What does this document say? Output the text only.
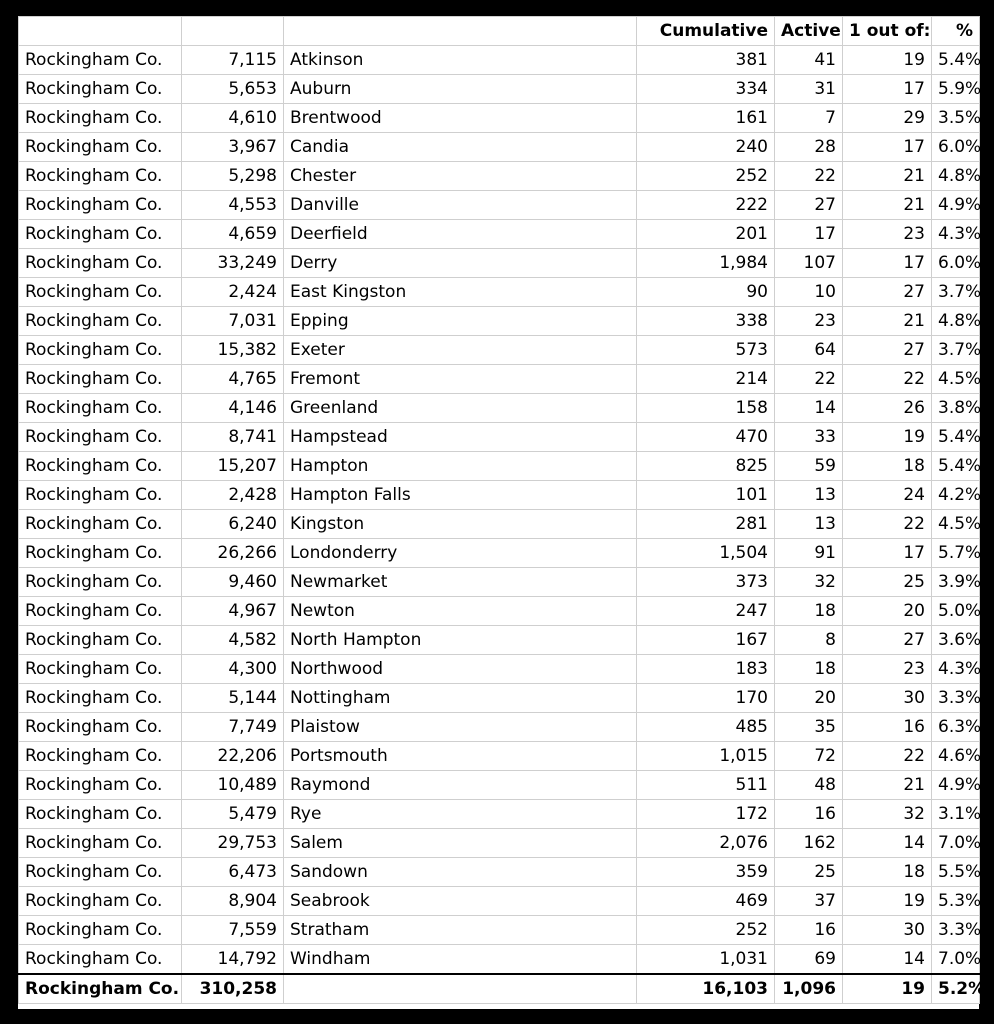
			Cumulative	Active	1 out of:	%
Rockingham Co.	7,115	Atkinson	381	41	19	5.4%
Rockingham Co.	5,653	Auburn	334	31	17	5.9%
Rockingham Co.	4,610	Brentwood	161	7	29	3.5%
Rockingham Co.	3,967	Candia	240	28	17	6.0%
Rockingham Co.	5,298	Chester	252	22	21	4.8%
Rockingham Co.	4,553	Danville	222	27	21	4.9%
Rockingham Co.	4,659	Deerfield	201	17	23	4.3%
Rockingham Co.	33,249	Derry	1,984	107	17	6.0%
Rockingham Co.	2,424	East Kingston	90	10	27	3.7%
Rockingham Co.	7,031	Epping	338	23	21	4.8%
Rockingham Co.	15,382	Exeter	573	64	27	3.7%
Rockingham Co.	4,765	Fremont	214	22	22	4.5%
Rockingham Co.	4,146	Greenland	158	14	26	3.8%
Rockingham Co.	8,741	Hampstead	470	33	19	5.4%
Rockingham Co.	15,207	Hampton	825	59	18	5.4%
Rockingham Co.	2,428	Hampton Falls	101	13	24	4.2%
Rockingham Co.	6,240	Kingston	281	13	22	4.5%
Rockingham Co.	26,266	Londonderry	1,504	91	17	5.7%
Rockingham Co.	9,460	Newmarket	373	32	25	3.9%
Rockingham Co.	4,967	Newton	247	18	20	5.0%
Rockingham Co.	4,582	North Hampton	167	8	27	3.6%
Rockingham Co.	4,300	Northwood	183	18	23	4.3%
Rockingham Co.	5,144	Nottingham	170	20	30	3.3%
Rockingham Co.	7,749	Plaistow	485	35	16	6.3%
Rockingham Co.	22,206	Portsmouth	1,015	72	22	4.6%
Rockingham Co.	10,489	Raymond	511	48	21	4.9%
Rockingham Co.	5,479	Rye	172	16	32	3.1%
Rockingham Co.	29,753	Salem	2,076	162	14	7.0%
Rockingham Co.	6,473	Sandown	359	25	18	5.5%
Rockingham Co.	8,904	Seabrook	469	37	19	5.3%
Rockingham Co.	7,559	Stratham	252	16	30	3.3%
Rockingham Co.	14,792	Windham	1,031	69	14	7.0%
Rockingham Co.	310,258		16,103	1,096	19	5.2%
